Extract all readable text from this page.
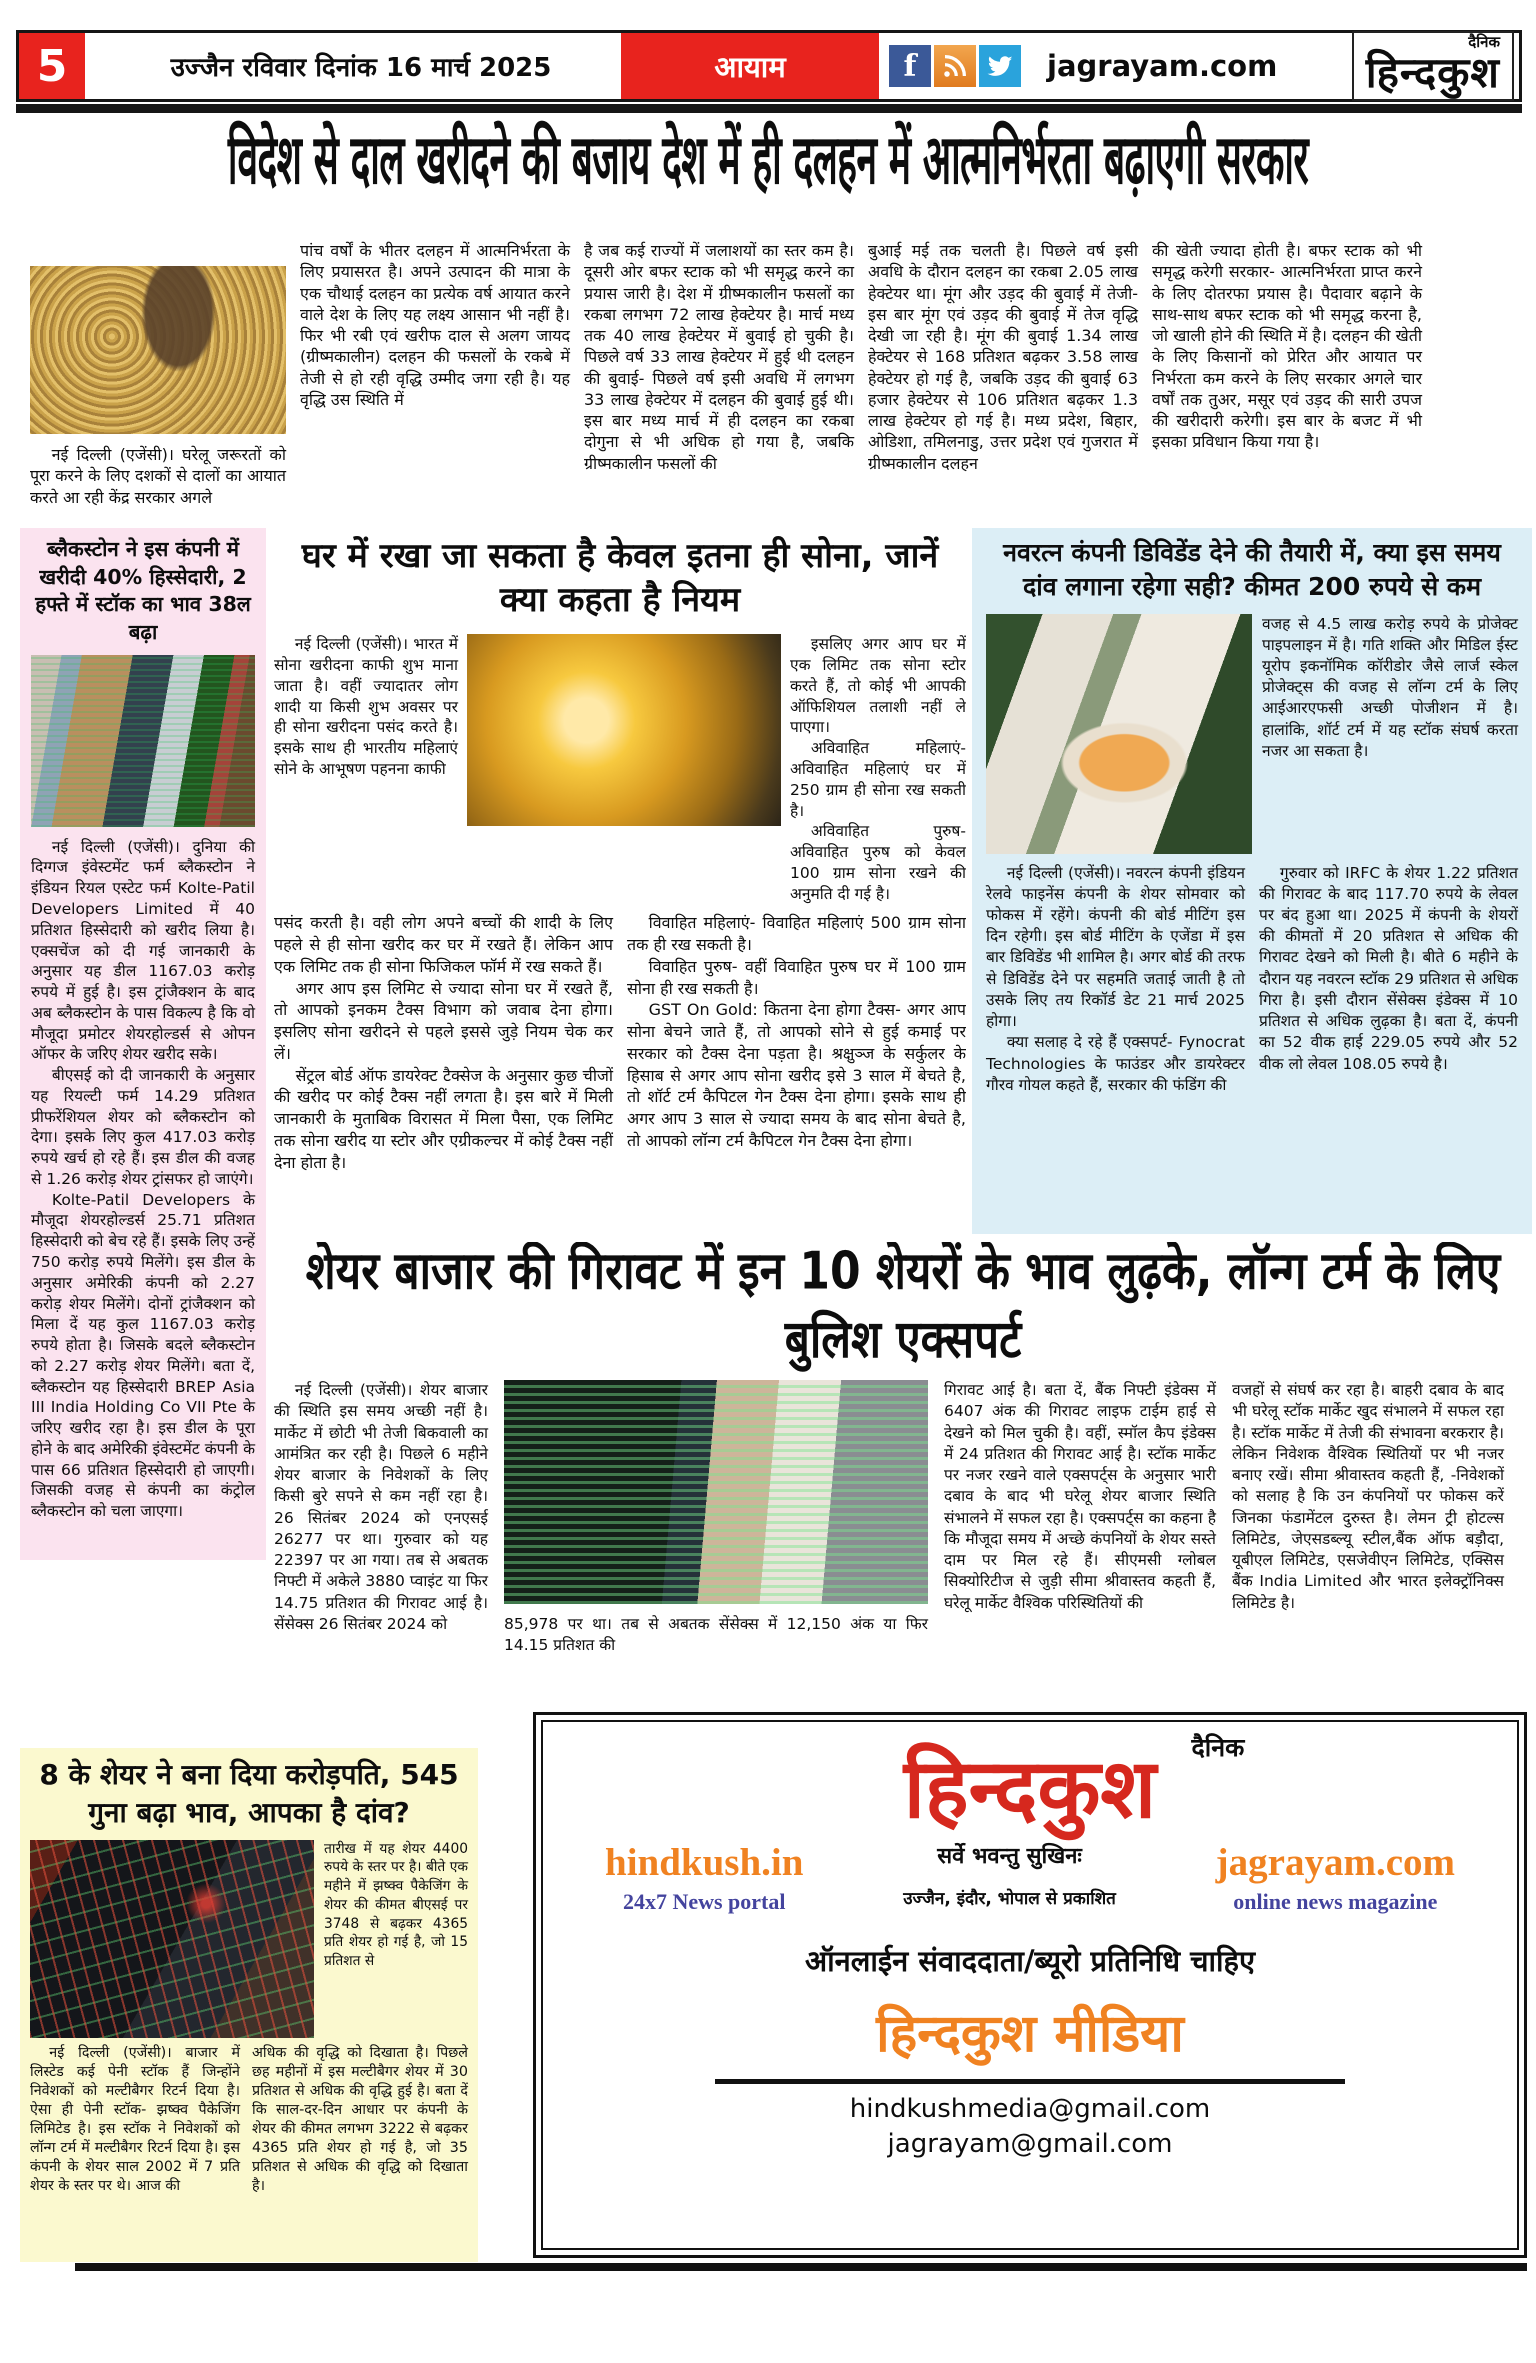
5	उज्जैन रविवार दिनांक 16 मार्च 2025	आयाम	f	jagrayam.com
दैनिक
हिन्दकुश
विदेश से दाल खरीदने की बजाय देश में ही दलहन में आत्मनिर्भरता बढ़ाएगी सरकार

नई दिल्ली (एजेंसी)। घरेलू जरूरतों को पूरा करने के लिए दशकों से दालों का आयात करते आ रही केंद्र सरकार अगले

पांच वर्षों के भीतर दलहन में आत्मनिर्भरता के लिए प्रयासरत है। अपने उत्पादन की मात्रा के एक चौथाई दलहन का प्रत्येक वर्ष आयात करने वाले देश के लिए यह लक्ष्य आसान भी नहीं है। फिर भी रबी एवं खरीफ दाल से अलग जायद (ग्रीष्मकालीन) दलहन की फसलों के रकबे में तेजी से हो रही वृद्धि उम्मीद जगा रही है। यह वृद्धि उस स्थिति में

है जब कई राज्यों में जलाशयों का स्तर कम है। दूसरी ओर बफर स्टाक को भी समृद्ध करने का प्रयास जारी है। देश में ग्रीष्मकालीन फसलों का रकबा लगभग 72 लाख हेक्टेयर है। मार्च मध्य तक 40 लाख हेक्टेयर में बुवाई हो चुकी है। पिछले वर्ष 33 लाख हेक्टेयर में हुई थी दलहन की बुवाई- पिछले वर्ष इसी अवधि में लगभग 33 लाख हेक्टेयर में दलहन की बुवाई हुई थी। इस बार मध्य मार्च में ही दलहन का रकबा दोगुना से भी अधिक हो गया है, जबकि ग्रीष्मकालीन फसलों की

बुआई मई तक चलती है। पिछले वर्ष इसी अवधि के दौरान दलहन का रकबा 2.05 लाख हेक्टेयर था। मूंग और उड़द की बुवाई में तेजी- इस बार मूंग एवं उड़द की बुवाई में तेज वृद्धि देखी जा रही है। मूंग की बुवाई 1.34 लाख हेक्टेयर से 168 प्रतिशत बढ़कर 3.58 लाख हेक्टेयर हो गई है, जबकि उड़द की बुवाई 63 हजार हेक्टेयर से 106 प्रतिशत बढ़कर 1.3 लाख हेक्टेयर हो गई है। मध्य प्रदेश, बिहार, ओडिशा, तमिलनाडु, उत्तर प्रदेश एवं गुजरात में ग्रीष्मकालीन दलहन

की खेती ज्यादा होती है। बफर स्टाक को भी समृद्ध करेगी सरकार- आत्मनिर्भरता प्राप्त करने के लिए दोतरफा प्रयास है। पैदावार बढ़ाने के साथ-साथ बफर स्टाक को भी समृद्ध करना है, जो खाली होने की स्थिति में है। दलहन की खेती के लिए किसानों को प्रेरित और आयात पर निर्भरता कम करने के लिए सरकार अगले चार वर्षों तक तुअर, मसूर एवं उड़द की सारी उपज की खरीदारी करेगी। इस बार के बजट में भी इसका प्रविधान किया गया है।

ब्लैकस्टोन ने इस कंपनी में खरीदी 40% हिस्सेदारी, 2 हफ्ते में स्टॉक का भाव 38ल बढ़ा

नई दिल्ली (एजेंसी)। दुनिया की दिग्गज इंवेस्टमेंट फर्म ब्लैकस्टोन ने इंडियन रियल एस्टेट फर्म Kolte-Patil Developers Limited में 40 प्रतिशत हिस्सेदारी को खरीद लिया है। एक्सचेंज को दी गई जानकारी के अनुसार यह डील 1167.03 करोड़ रुपये में हुई है। इस ट्रांजैक्शन के बाद अब ब्लैकस्टोन के पास विकल्प है कि वो मौजूदा प्रमोटर शेयरहोल्डर्स से ओपन ऑफर के जरिए शेयर खरीद सके।

बीएसई को दी जानकारी के अनुसार यह रियल्टी फर्म 14.29 प्रतिशत प्रीफरेंशियल शेयर को ब्लैकस्टोन को देगा। इसके लिए कुल 417.03 करोड़ रुपये खर्च हो रहे हैं। इस डील की वजह से 1.26 करोड़ शेयर ट्रांसफर हो जाएंगे।

Kolte-Patil Developers के मौजूदा शेयरहोल्डर्स 25.71 प्रतिशत हिस्सेदारी को बेच रहे हैं। इसके लिए उन्हें 750 करोड़ रुपये मिलेंगे। इस डील के अनुसार अमेरिकी कंपनी को 2.27 करोड़ शेयर मिलेंगे। दोनों ट्रांजैक्शन को मिला दें यह कुल 1167.03 करोड़ रुपये होता है। जिसके बदले ब्लैकस्टोन को 2.27 करोड़ शेयर मिलेंगे। बता दें, ब्लैकस्टोन यह हिस्सेदारी BREP Asia III India Holding Co VII Pte के जरिए खरीद रहा है। इस डील के पूरा होने के बाद अमेरिकी इंवेस्टमेंट कंपनी के पास 66 प्रतिशत हिस्सेदारी हो जाएगी। जिसकी वजह से कंपनी का कंट्रोल ब्लैकस्टोन को चला जाएगा।

घर में रखा जा सकता है केवल इतना ही सोना, जानें क्या कहता है नियम

नई दिल्ली (एजेंसी)। भारत में सोना खरीदना काफी शुभ माना जाता है। वहीं ज्यादातर लोग शादी या किसी शुभ अवसर पर ही सोना खरीदना पसंद करते है। इसके साथ ही भारतीय महिलाएं सोने के आभूषण पहनना काफी

इसलिए अगर आप घर में एक लिमिट तक सोना स्टोर करते हैं, तो कोई भी आपकी ऑफिशियल तलाशी नहीं ले पाएगा।

अविवाहित महिलाएं- अविवाहित महिलाएं घर में 250 ग्राम ही सोना रख सकती है।

अविवाहित पुरुष- अविवाहित पुरुष को केवल 100 ग्राम सोना रखने की अनुमति दी गई है।

पसंद करती है। वही लोग अपने बच्चों की शादी के लिए पहले से ही सोना खरीद कर घर में रखते हैं। लेकिन आप एक लिमिट तक ही सोना फिजिकल फॉर्म में रख सकते हैं।

अगर आप इस लिमिट से ज्यादा सोना घर में रखते हैं, तो आपको इनकम टैक्स विभाग को जवाब देना होगा। इसलिए सोना खरीदने से पहले इससे जुड़े नियम चेक कर लें।

सेंट्रल बोर्ड ऑफ डायरेक्ट टैक्सेज के अनुसार कुछ चीजों की खरीद पर कोई टैक्स नहीं लगता है। इस बारे में मिली जानकारी के मुताबिक विरासत में मिला पैसा, एक लिमिट तक सोना खरीद या स्टोर और एग्रीकल्चर में कोई टैक्स नहीं देना होता है।

विवाहित महिलाएं- विवाहित महिलाएं 500 ग्राम सोना तक ही रख सकती है।

विवाहित पुरुष- वहीं विवाहित पुरुष घर में 100 ग्राम सोना ही रख सकती है।

GST On Gold: कितना देना होगा टैक्स- अगर आप सोना बेचने जाते हैं, तो आपको सोने से हुई कमाई पर सरकार को टैक्स देना पड़ता है। श्रक्षुञ्ज के सर्कुलर के हिसाब से अगर आप सोना खरीद इसे 3 साल में बेचते है, तो शॉर्ट टर्म कैपिटल गेन टैक्स देना होगा। इसके साथ ही अगर आप 3 साल से ज्यादा समय के बाद सोना बेचते है, तो आपको लॉन्ग टर्म कैपिटल गेन टैक्स देना होगा।

नवरत्न कंपनी डिविडेंड देने की तैयारी में, क्या इस समय दांव लगाना रहेगा सही? कीमत 200 रुपये से कम

वजह से 4.5 लाख करोड़ रुपये के प्रोजेक्ट पाइपलाइन में है। गति शक्ति और मिडिल ईस्ट यूरोप इकनॉमिक कॉरीडोर जैसे लार्ज स्केल प्रोजेक्ट्स की वजह से लॉन्ग टर्म के लिए आईआरएफसी अच्छी पोजीशन में है। हालांकि, शॉर्ट टर्म में यह स्टॉक संघर्ष करता नजर आ सकता है।

नई दिल्ली (एजेंसी)। नवरत्न कंपनी इंडियन रेलवे फाइनेंस कंपनी के शेयर सोमवार को फोकस में रहेंगे। कंपनी की बोर्ड मीटिंग इस दिन रहेगी। इस बोर्ड मीटिंग के एजेंडा में इस बार डिविडेंड भी शामिल है। अगर बोर्ड की तरफ से डिविडेंड देने पर सहमति जताई जाती है तो उसके लिए तय रिकॉर्ड डेट 21 मार्च 2025 होगा।

क्या सलाह दे रहे हैं एक्सपर्ट- Fynocrat Technologies के फाउंडर और डायरेक्टर गौरव गोयल कहते हैं, सरकार की फंडिंग की

गुरुवार को IRFC के शेयर 1.22 प्रतिशत की गिरावट के बाद 117.70 रुपये के लेवल पर बंद हुआ था। 2025 में कंपनी के शेयरों की कीमतों में 20 प्रतिशत से अधिक की गिरावट देखने को मिली है। बीते 6 महीने के दौरान यह नवरत्न स्टॉक 29 प्रतिशत से अधिक गिरा है। इसी दौरान सेंसेक्स इंडेक्स में 10 प्रतिशत से अधिक लुढ़का है। बता दें, कंपनी का 52 वीक हाई 229.05 रुपये और 52 वीक लो लेवल 108.05 रुपये है।

शेयर बाजार की गिरावट में इन 10 शेयरों के भाव लुढ़के, लॉन्ग टर्म के लिए बुलिश एक्सपर्ट

नई दिल्ली (एजेंसी)। शेयर बाजार की स्थिति इस समय अच्छी नहीं है। मार्केट में छोटी भी तेजी बिकवाली का आमंत्रित कर रही है। पिछले 6 महीने शेयर बाजार के निवेशकों के लिए किसी बुरे सपने से कम नहीं रहा है। 26 सितंबर 2024 को एनएसई 26277 पर था। गुरुवार को यह 22397 पर आ गया। तब से अबतक निफ्टी में अकेले 3880 प्वाइंट या फिर 14.75 प्रतिशत की गिरावट आई है। सेंसेक्स 26 सितंबर 2024 को	85,978 पर था। तब से अबतक सेंसेक्स में 12,150 अंक या फिर 14.15 प्रतिशत की

गिरावट आई है। बता दें, बैंक निफ्टी इंडेक्स में 6407 अंक की गिरावट लाइफ टाईम हाई से देखने को मिल चुकी है। वहीं, स्मॉल कैप इंडेक्स में 24 प्रतिशत की गिरावट आई है। स्टॉक मार्केट पर नजर रखने वाले एक्सपर्ट्स के अनुसार भारी दबाव के बाद भी घरेलू शेयर बाजार स्थिति संभालने में सफल रहा है। एक्सपर्ट्स का कहना है कि मौजूदा समय में अच्छे कंपनियों के शेयर सस्ते दाम पर मिल रहे हैं। सीएमसी ग्लोबल सिक्योरिटीज से जुड़ी सीमा श्रीवास्तव कहती हैं, घरेलू मार्केट वैश्विक परिस्थितियों की

वजहों से संघर्ष कर रहा है। बाहरी दबाव के बाद भी घरेलू स्टॉक मार्केट खुद संभालने में सफल रहा है। स्टॉक मार्केट में तेजी की संभावना बरकरार है। लेकिन निवेशक वैश्विक स्थितियों पर भी नजर बनाए रखें। सीमा श्रीवास्तव कहती हैं, -निवेशकों को सलाह है कि उन कंपनियों पर फोकस करें जिनका फंडामेंटल दुरुस्त है। लेमन ट्री होटल्स लिमिटेड, जेएसडब्ल्यू स्टील,बैंक ऑफ बड़ौदा, यूबीएल लिमिटेड, एसजेवीएन लिमिटेड, एक्सिस बैंक India Limited और भारत इलेक्ट्रॉनिक्स लिमिटेड है।

8 के शेयर ने बना दिया करोड़पति, 545 गुना बढ़ा भाव, आपका है दांव?

तारीख में यह शेयर 4400 रुपये के स्तर पर है। बीते एक महीने में झष्क्व पैकेजिंग के शेयर की कीमत बीएसई पर 3748 से बढ़कर 4365 प्रति शेयर हो गई है, जो 15 प्रतिशत से

नई दिल्ली (एजेंसी)। बाजार में लिस्टेड कई पेनी स्टॉक हैं जिन्होंने निवेशकों को मल्टीबैगर रिटर्न दिया है। ऐसा ही पेनी स्टॉक- झष्क्व पैकेजिंग लिमिटेड है। इस स्टॉक ने निवेशकों को लॉन्ग टर्म में मल्टीबैगर रिटर्न दिया है। इस कंपनी के शेयर साल 2002 में 7 प्रति शेयर के स्तर पर थे। आज की

अधिक की वृद्धि को दिखाता है। पिछले छह महीनों में इस मल्टीबैगर शेयर में 30 प्रतिशत से अधिक की वृद्धि हुई है। बता दें कि साल-दर-दिन आधार पर कंपनी के शेयर की कीमत लगभग 3222 से बढ़कर 4365 प्रति शेयर हो गई है, जो 35 प्रतिशत से अधिक की वृद्धि को दिखाता है।

दैनिक
हिन्दकुश
hindkush.in
24x7 News portal
सर्वे भवन्तु सुखिनः
उज्जैन, इंदौर, भोपाल से प्रकाशित
jagrayam.com
online news magazine

ऑनलाईन संवाददाता/ब्यूरो प्रतिनिधि चाहिए

हिन्दकुश मीडिया
hindkushmedia@gmail.com
jagrayam@gmail.com
